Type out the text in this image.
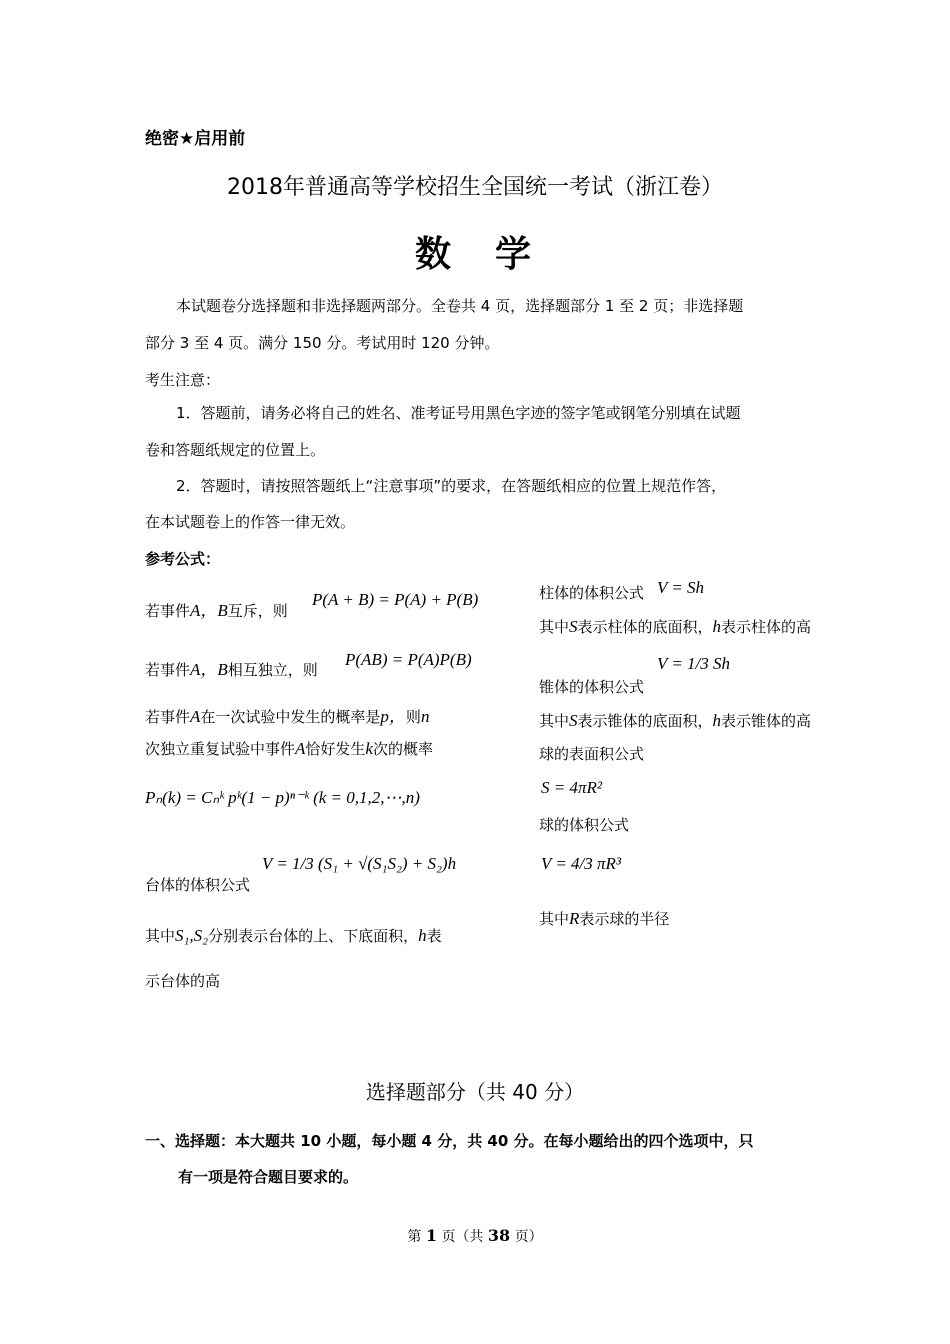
绝密★启用前
2018年普通高等学校招生全国统一考试（浙江卷）
数　学
本试题卷分选择题和非选择题两部分。全卷共 4 页，选择题部分 1 至 2 页；非选择题
部分 3 至 4 页。满分 150 分。考试用时 120 分钟。
考生注意：
1．答题前，请务必将自己的姓名、准考证号用黑色字迹的签字笔或钢笔分别填在试题
卷和答题纸规定的位置上。
2．答题时，请按照答题纸上“注意事项”的要求，在答题纸相应的位置上规范作答，
在本试题卷上的作答一律无效。
参考公式：
若事件A，B互斥，则
P(A + B) = P(A) + P(B)
若事件A，B相互独立，则
P(AB) = P(A)P(B)
若事件A在一次试验中发生的概率是p，则n
次独立重复试验中事件A恰好发生k次的概率
Pₙ(k) = Cₙᵏ pᵏ(1 − p)ⁿ⁻ᵏ (k = 0,1,2,⋯,n)
台体的体积公式
V = 1/3 (S₁ + √(S₁S₂) + S₂)h
其中S₁,S₂分别表示台体的上、下底面积，h表
示台体的高
柱体的体积公式 V = Sh
其中S表示柱体的底面积，h表示柱体的高
锥体的体积公式
V = 1/3 Sh
其中S表示锥体的底面积，h表示锥体的高
球的表面积公式
S = 4πR²
球的体积公式
V = 4/3 πR³
其中R表示球的半径
选择题部分（共 40 分）
一、选择题：本大题共 10 小题，每小题 4 分，共 40 分。在每小题给出的四个选项中，只
有一项是符合题目要求的。
第 1 页（共 38 页）
